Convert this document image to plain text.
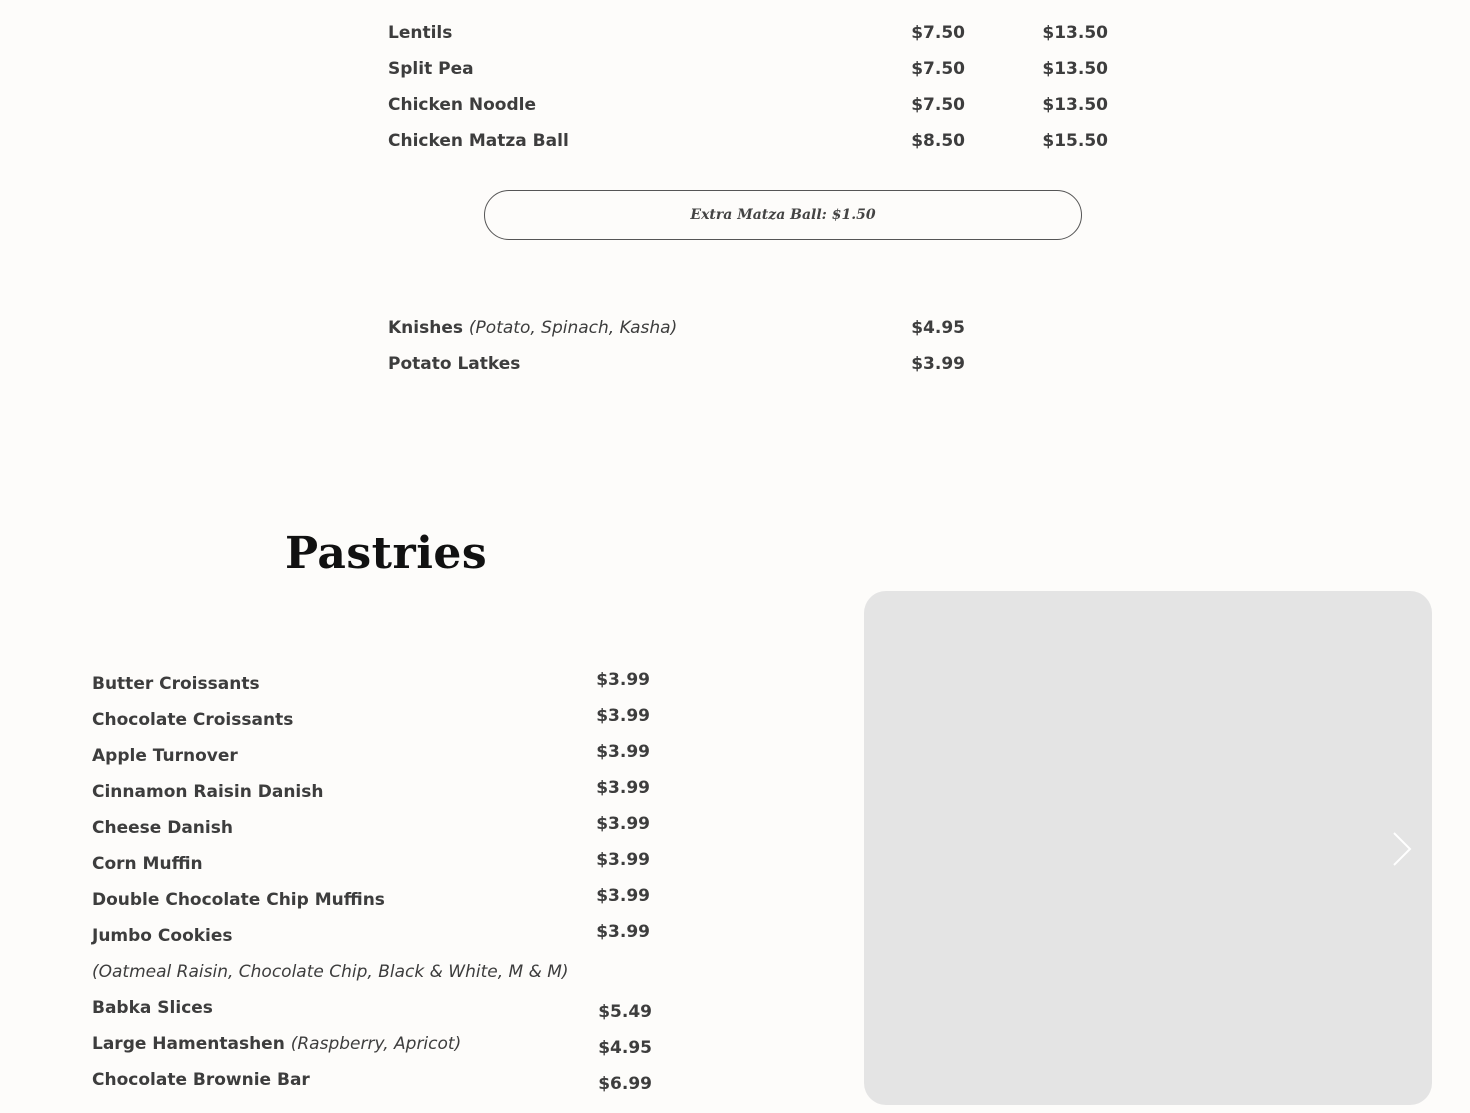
Lentils	$7.50	$13.50
Split Pea	$7.50	$13.50
Chicken Noodle	$7.50	$13.50
Chicken Matza Ball	$8.50	$15.50
Extra Matza Ball: $1.50
Knishes (Potato, Spinach, Kasha)	$4.95
Potato Latkes	$3.99
Pastries
Butter Croissants	$3.99
Chocolate Croissants	$3.99
Apple Turnover	$3.99
Cinnamon Raisin Danish	$3.99
Cheese Danish	$3.99
Corn Muffin	$3.99
Double Chocolate Chip Muffins	$3.99
Jumbo Cookies	$3.99
(Oatmeal Raisin, Chocolate Chip, Black & White, M & M)
Babka Slices	$5.49
Large Hamentashen (Raspberry, Apricot)	$4.95
Chocolate Brownie Bar	$6.99
